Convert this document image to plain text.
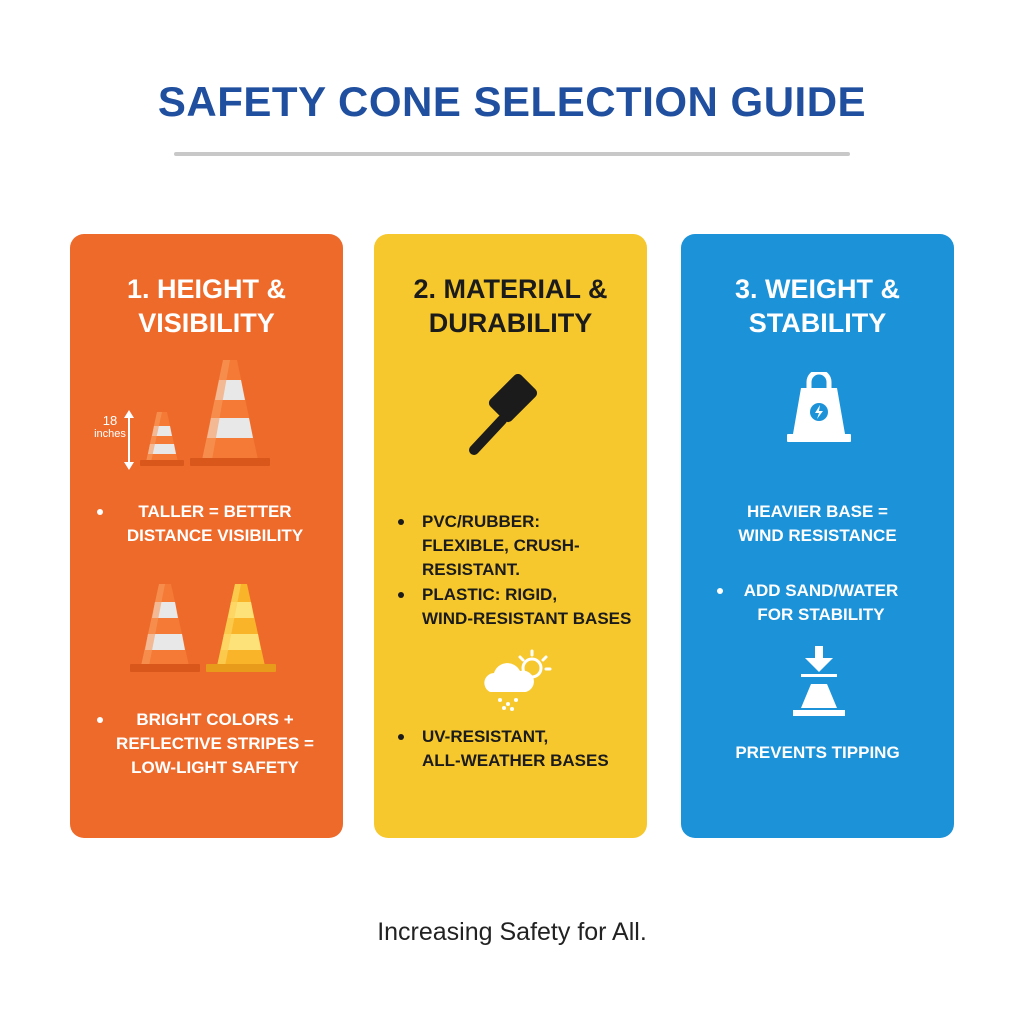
SAFETY CONE SELECTION GUIDE
1. HEIGHT &
VISIBILITY
18
inches
TALLER = BETTER
DISTANCE VISIBILITY
BRIGHT COLORS +
REFLECTIVE STRIPES =
LOW-LIGHT SAFETY
2. MATERIAL &
DURABILITY
PVC/RUBBER:
FLEXIBLE, CRUSH-RESISTANT.
PLASTIC: RIGID,
WIND-RESISTANT BASES
UV-RESISTANT,
ALL-WEATHER BASES
3. WEIGHT &
STABILITY
HEAVIER BASE =
WIND RESISTANCE
ADD SAND/WATER
FOR STABILITY
PREVENTS TIPPING
Increasing Safety for All.
